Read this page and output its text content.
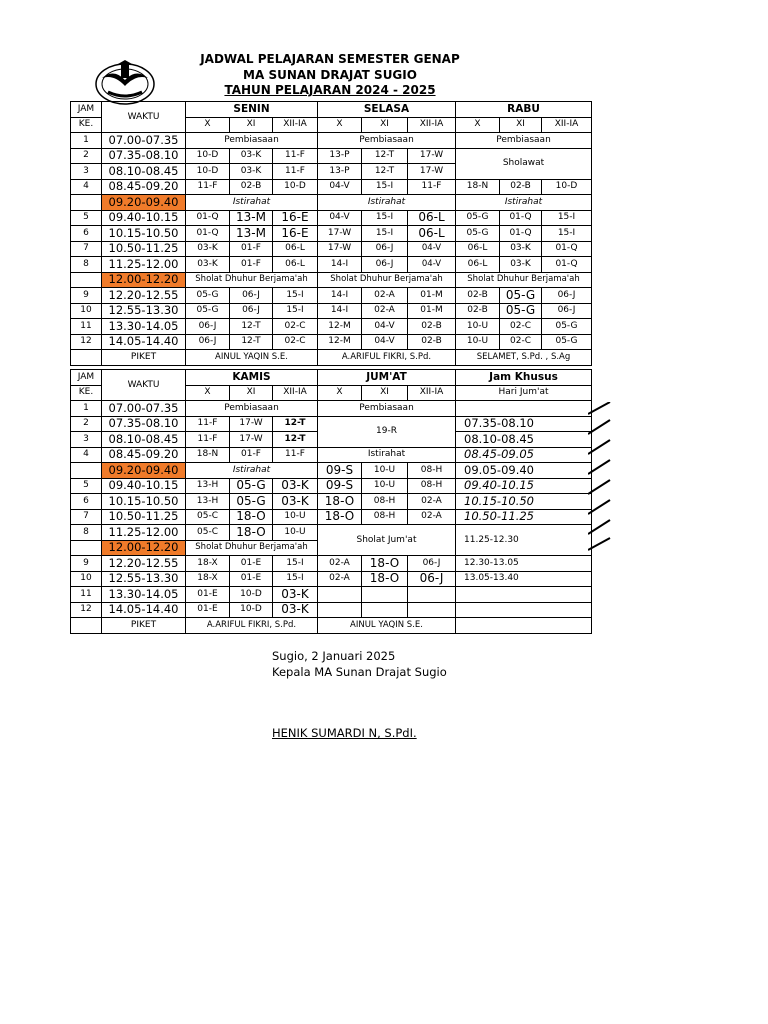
JADWAL PELAJARAN SEMESTER GENAP
MA SUNAN DRAJAT SUGIO
TAHUN PELAJARAN 2024 - 2025
JAM	WAKTU	SENIN			SELASA			RABU		
KE.		X	XI	XII-IA	X	XI	XII-IA	X	XI	XII-IA
1	07.00-07.35	Pembiasaan			Pembiasaan			Pembiasaan		
2	07.35-08.10	10-D	03-K	11-F	13-P	12-T	17-W	Sholawat		
3	08.10-08.45	10-D	03-K	11-F	13-P	12-T	17-W			
4	08.45-09.20	11-F	02-B	10-D	04-V	15-I	11-F	18-N	02-B	10-D
	09.20-09.40	Istirahat			Istirahat			Istirahat		
5	09.40-10.15	01-Q	13-M	16-E	04-V	15-I	06-L	05-G	01-Q	15-I
6	10.15-10.50	01-Q	13-M	16-E	17-W	15-I	06-L	05-G	01-Q	15-I
7	10.50-11.25	03-K	01-F	06-L	17-W	06-J	04-V	06-L	03-K	01-Q
8	11.25-12.00	03-K	01-F	06-L	14-I	06-J	04-V	06-L	03-K	01-Q
	12.00-12.20	Sholat Dhuhur Berjama'ah			Sholat Dhuhur Berjama'ah			Sholat Dhuhur Berjama'ah		
9	12.20-12.55	05-G	06-J	15-I	14-I	02-A	01-M	02-B	05-G	06-J
10	12.55-13.30	05-G	06-J	15-I	14-I	02-A	01-M	02-B	05-G	06-J
11	13.30-14.05	06-J	12-T	02-C	12-M	04-V	02-B	10-U	02-C	05-G
12	14.05-14.40	06-J	12-T	02-C	12-M	04-V	02-B	10-U	02-C	05-G
	PIKET	AINUL YAQIN S.E.			A.ARIFUL FIKRI, S.Pd.			SELAMET, S.Pd. , S.Ag		
JAM	WAKTU	KAMIS			JUM'AT			Jam Khusus
KE.		X	XI	XII-IA	X	XI	XII-IA	Hari Jum'at
1	07.00-07.35	Pembiasaan			Pembiasaan			
2	07.35-08.10	11-F	17-W	12-T	19-R			07.35-08.10
3	08.10-08.45	11-F	17-W	12-T				08.10-08.45
4	08.45-09.20	18-N	01-F	11-F	Istirahat			08.45-09.05
	09.20-09.40	Istirahat			09-S	10-U	08-H	09.05-09.40
5	09.40-10.15	13-H	05-G	03-K	09-S	10-U	08-H	09.40-10.15
6	10.15-10.50	13-H	05-G	03-K	18-O	08-H	02-A	10.15-10.50
7	10.50-11.25	05-C	18-O	10-U	18-O	08-H	02-A	10.50-11.25
8	11.25-12.00	05-C	18-O	10-U	Sholat Jum'at			11.25-12.30
	12.00-12.20	Sholat Dhuhur Berjama'ah						
9	12.20-12.55	18-X	01-E	15-I	02-A	18-O	06-J	12.30-13.05
10	12.55-13.30	18-X	01-E	15-I	02-A	18-O	06-J	13.05-13.40
11	13.30-14.05	01-E	10-D	03-K				
12	14.05-14.40	01-E	10-D	03-K				
	PIKET	A.ARIFUL FIKRI, S.Pd.			AINUL YAQIN S.E.			
Sugio, 2 Januari 2025
Kepala MA Sunan Drajat Sugio
HENIK SUMARDI N, S.PdI.
